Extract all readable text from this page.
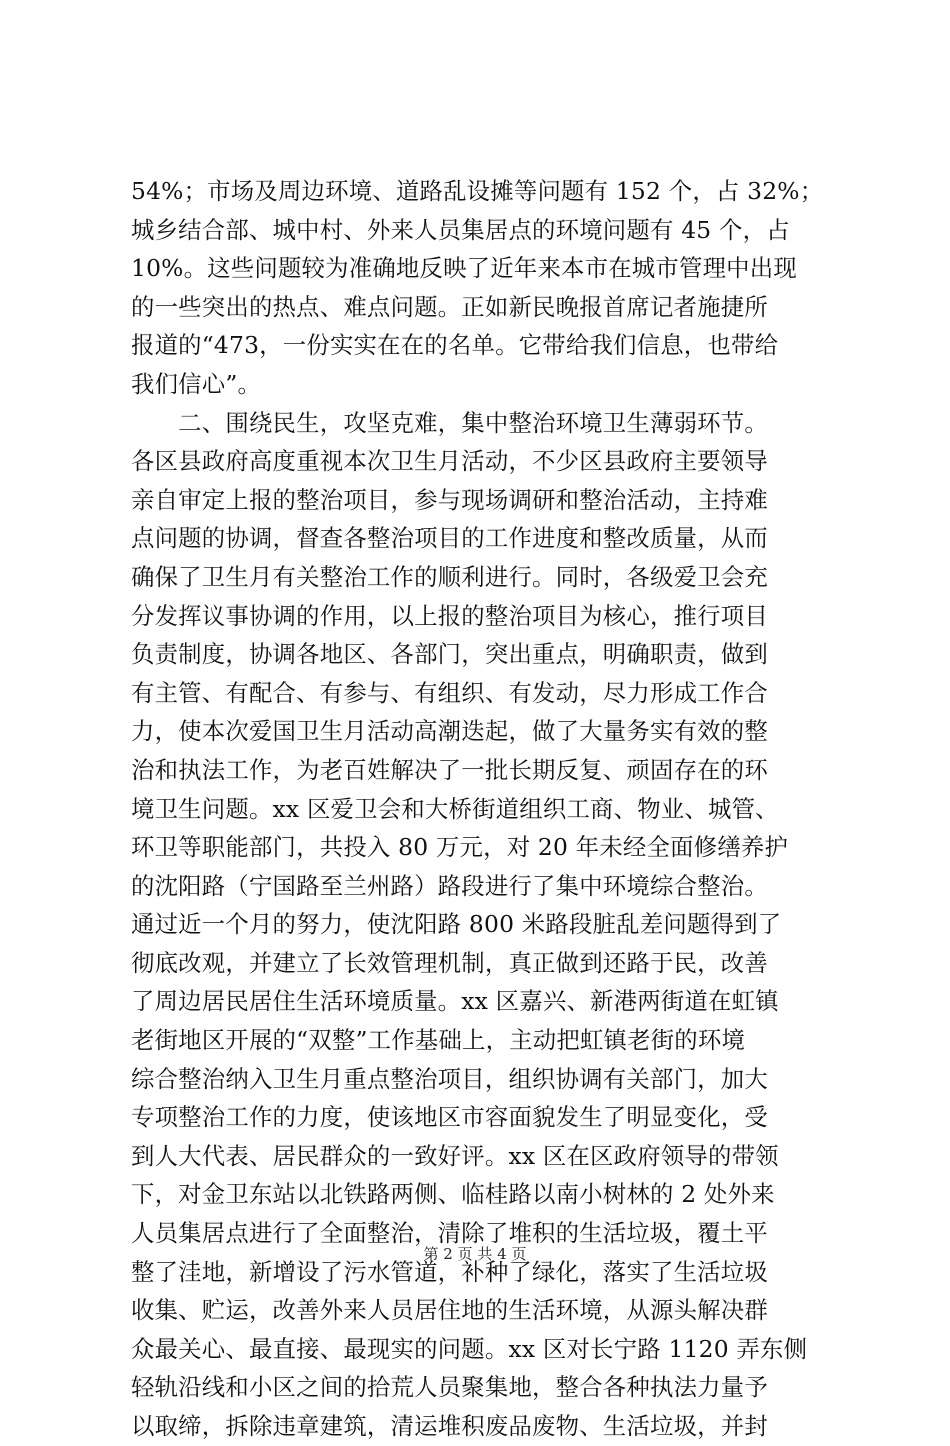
54%；市场及周边环境、道路乱设摊等问题有 152 个，占 32%；
城乡结合部、城中村、外来人员集居点的环境问题有 45 个，占
10%。这些问题较为准确地反映了近年来本市在城市管理中出现
的一些突出的热点、难点问题。正如新民晚报首席记者施捷所
报道的“473，一份实实在在的名单。它带给我们信息，也带给
我们信心”。
　　二、围绕民生，攻坚克难，集中整治环境卫生薄弱环节。
各区县政府高度重视本次卫生月活动，不少区县政府主要领导
亲自审定上报的整治项目，参与现场调研和整治活动，主持难
点问题的协调，督查各整治项目的工作进度和整改质量，从而
确保了卫生月有关整治工作的顺利进行。同时，各级爱卫会充
分发挥议事协调的作用，以上报的整治项目为核心，推行项目
负责制度，协调各地区、各部门，突出重点，明确职责，做到
有主管、有配合、有参与、有组织、有发动，尽力形成工作合
力，使本次爱国卫生月活动高潮迭起，做了大量务实有效的整
治和执法工作，为老百姓解决了一批长期反复、顽固存在的环
境卫生问题。xx 区爱卫会和大桥街道组织工商、物业、城管、
环卫等职能部门，共投入 80 万元，对 20 年未经全面修缮养护
的沈阳路（宁国路至兰州路）路段进行了集中环境综合整治。
通过近一个月的努力，使沈阳路 800 米路段脏乱差问题得到了
彻底改观，并建立了长效管理机制，真正做到还路于民，改善
了周边居民居住生活环境质量。xx 区嘉兴、新港两街道在虹镇
老街地区开展的“双整”工作基础上，主动把虹镇老街的环境
综合整治纳入卫生月重点整治项目，组织协调有关部门，加大
专项整治工作的力度，使该地区市容面貌发生了明显变化，受
到人大代表、居民群众的一致好评。xx 区在区政府领导的带领
下，对金卫东站以北铁路两侧、临桂路以南小树林的 2 处外来
人员集居点进行了全面整治，清除了堆积的生活垃圾，覆土平
整了洼地，新增设了污水管道，补种了绿化，落实了生活垃圾
收集、贮运，改善外来人员居住地的生活环境，从源头解决群
众最关心、最直接、最现实的问题。xx 区对长宁路 1120 弄东侧
轻轨沿线和小区之间的拾荒人员聚集地，整合各种执法力量予
以取缔，拆除违章建筑，清运堆积废品废物、生活垃圾，并封
第 2 页 共 4 页
